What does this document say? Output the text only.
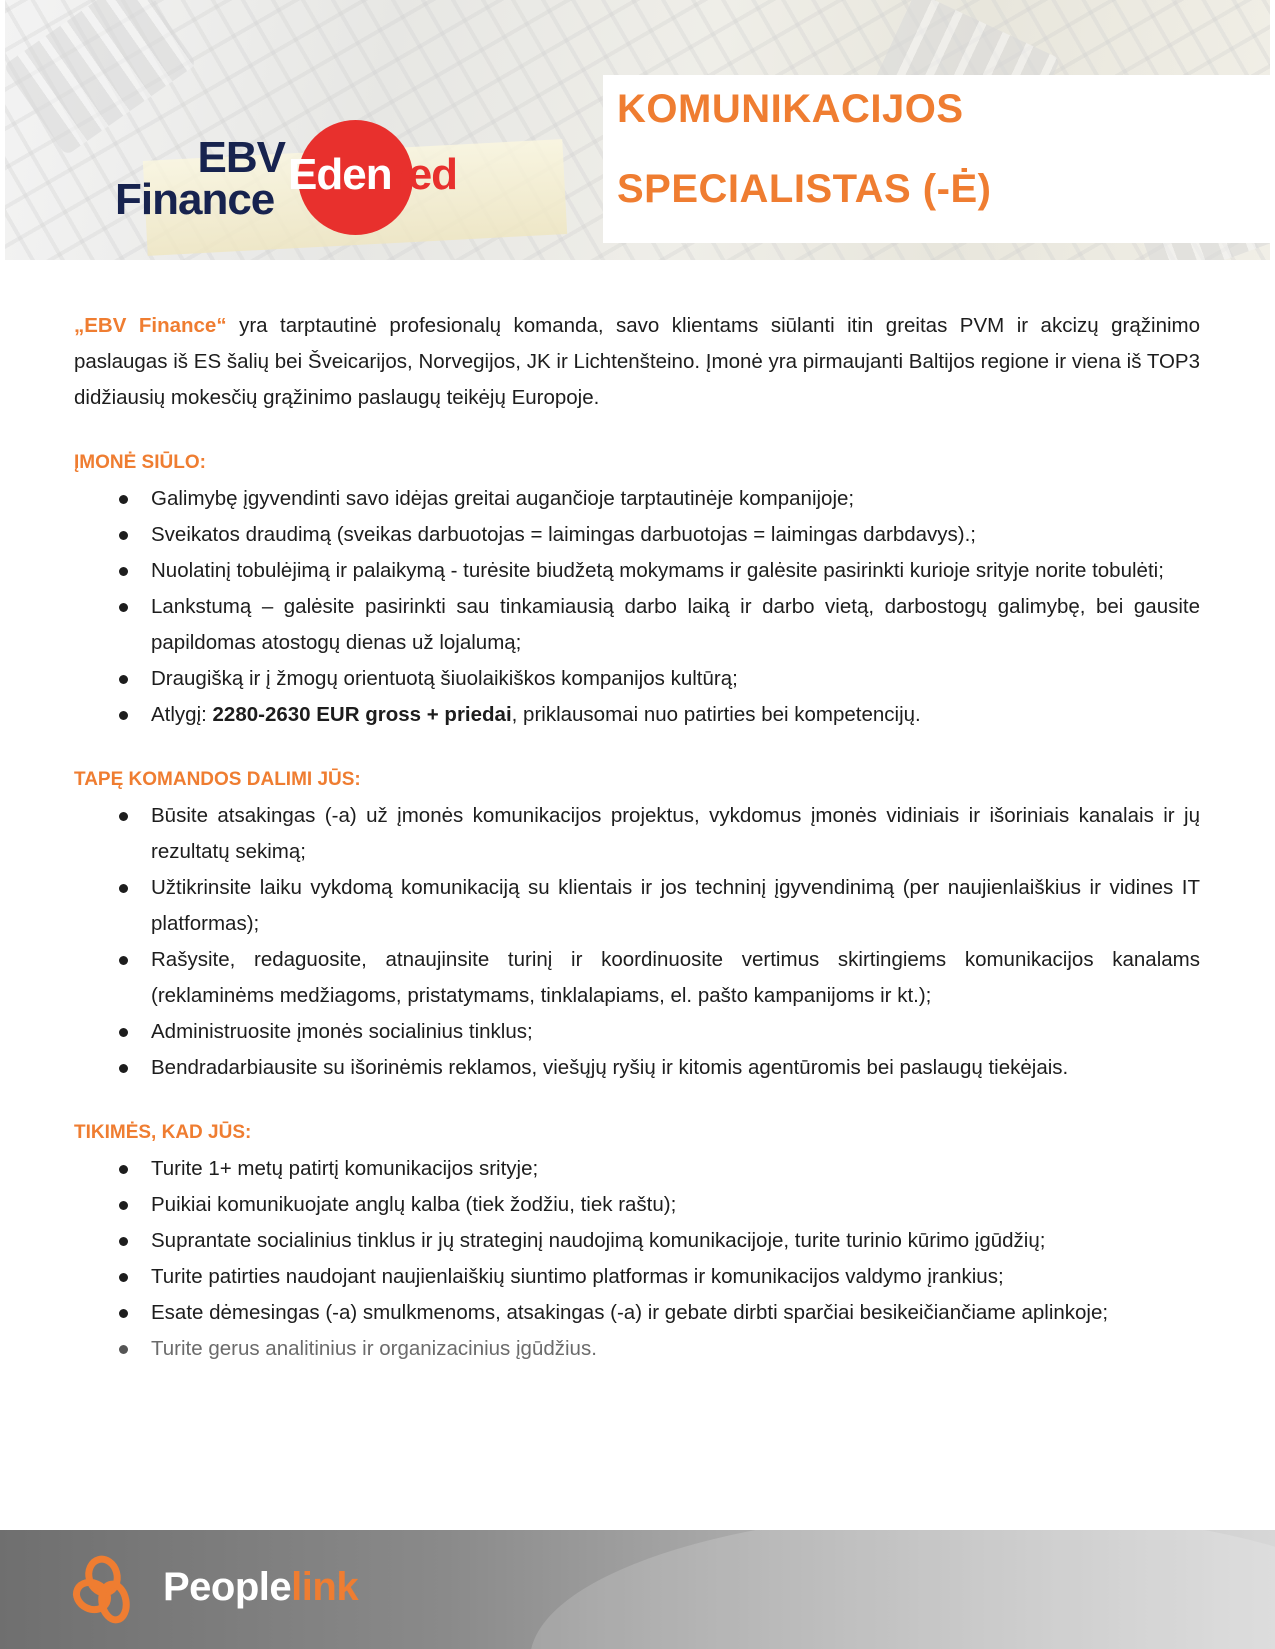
EBV
Finance
Edenred
KOMUNIKACIJOS
SPECIALISTAS (-Ė)

„EBV Finance“ yra tarptautinė profesionalų komanda, savo klientams siūlanti itin greitas PVM ir akcizų grąžinimo paslaugas iš ES šalių bei Šveicarijos, Norvegijos, JK ir Lichtenšteino. Įmonė yra pirmaujanti Baltijos regione ir viena iš TOP3 didžiausių mokesčių grąžinimo paslaugų teikėjų Europoje.

ĮMONĖ SIŪLO:
Galimybę įgyvendinti savo idėjas greitai augančioje tarptautinėje kompanijoje;
Sveikatos draudimą (sveikas darbuotojas = laimingas darbuotojas = laimingas darbdavys).;
Nuolatinį tobulėjimą ir palaikymą - turėsite biudžetą mokymams ir galėsite pasirinkti kurioje srityje norite tobulėti;
Lankstumą – galėsite pasirinkti sau tinkamiausią darbo laiką ir darbo vietą, darbostogų galimybę, bei gausite papildomas atostogų dienas už lojalumą;
Draugišką ir į žmogų orientuotą šiuolaikiškos kompanijos kultūrą;
Atlygį: 2280-2630 EUR gross + priedai, priklausomai nuo patirties bei kompetencijų.
TAPĘ KOMANDOS DALIMI JŪS:
Būsite atsakingas (-a) už įmonės komunikacijos projektus, vykdomus įmonės vidiniais ir išoriniais kanalais ir jų rezultatų sekimą;
Užtikrinsite laiku vykdomą komunikaciją su klientais ir jos techninį įgyvendinimą (per naujienlaiškius ir vidines IT platformas);
Rašysite, redaguosite, atnaujinsite turinį ir koordinuosite vertimus skirtingiems komunikacijos kanalams (reklaminėms medžiagoms, pristatymams, tinklalapiams, el. pašto kampanijoms ir kt.);
Administruosite įmonės socialinius tinklus;
Bendradarbiausite su išorinėmis reklamos, viešųjų ryšių ir kitomis agentūromis bei paslaugų tiekėjais.
TIKIMĖS, KAD JŪS:
Turite 1+ metų patirtį komunikacijos srityje;
Puikiai komunikuojate anglų kalba (tiek žodžiu, tiek raštu);
Suprantate socialinius tinklus ir jų strateginį naudojimą komunikacijoje, turite turinio kūrimo įgūdžių;
Turite patirties naudojant naujienlaiškių siuntimo platformas ir komunikacijos valdymo įrankius;
Esate dėmesingas (-a) smulkmenoms, atsakingas (-a) ir gebate dirbti sparčiai besikeičiančiame aplinkoje;
Turite gerus analitinius ir organizacinius įgūdžius.
Peoplelink
